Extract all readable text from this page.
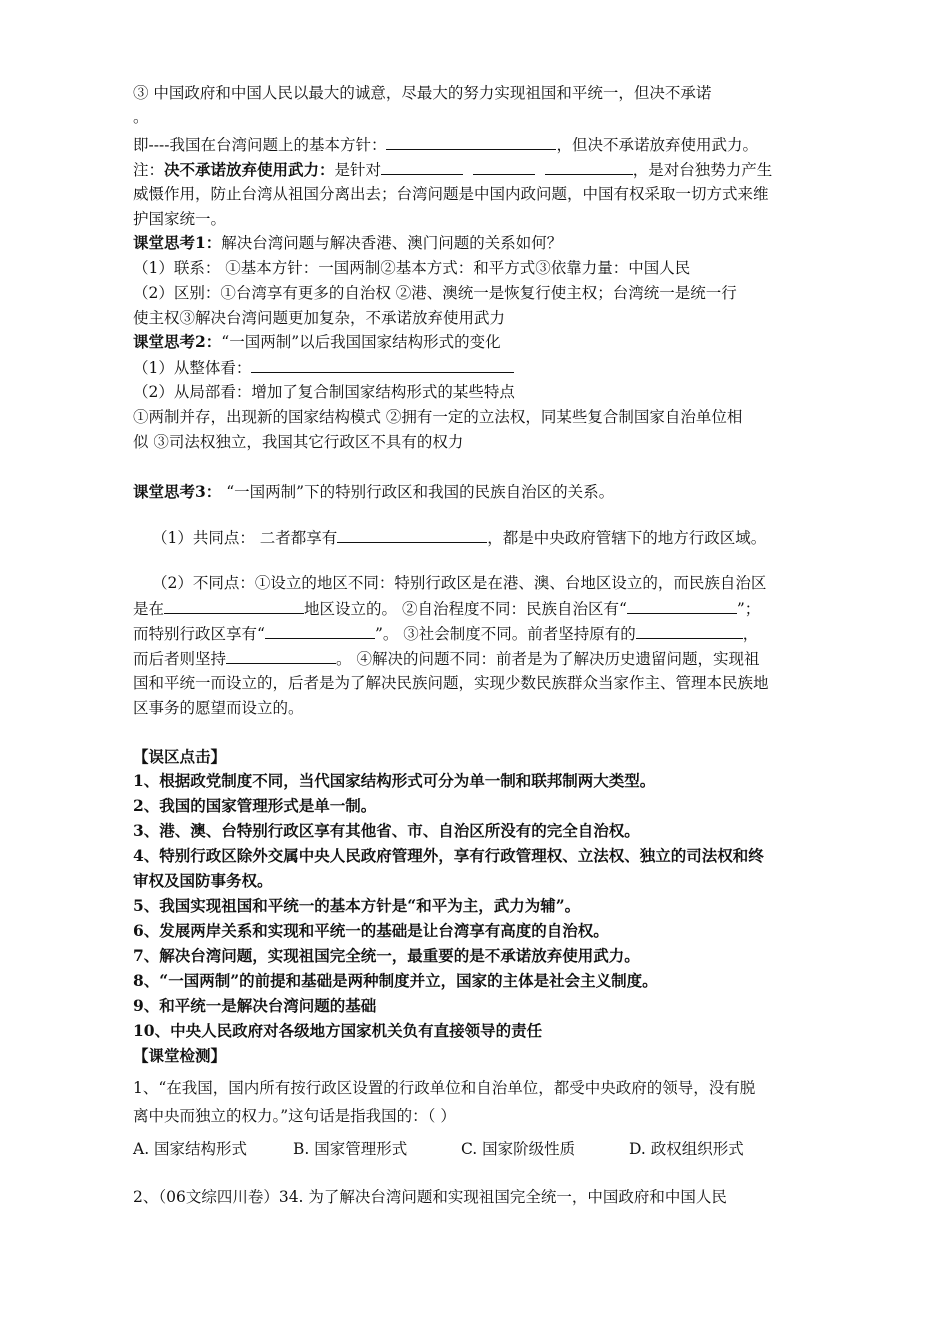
③ 中国政府和中国人民以最大的诚意，尽最大的努力实现祖国和平统一，但决不承诺
。
即----我国在台湾问题上的基本方针：	，但决不承诺放弃使用武力。
注：决不承诺放弃使用武力：是针对	，是对台独势力产生
威慑作用，防止台湾从祖国分离出去；台湾问题是中国内政问题，中国有权采取一切方式来维
护国家统一。
课堂思考1：解决台湾问题与解决香港、澳门问题的关系如何？
（1）联系： ①基本方针：一国两制②基本方式：和平方式③依靠力量：中国人民
（2）区别：①台湾享有更多的自治权 ②港、澳统一是恢复行使主权；台湾统一是统一行
使主权③解决台湾问题更加复杂，不承诺放弃使用武力
课堂思考2：“一国两制”以后我国国家结构形式的变化
（1）从整体看：
（2）从局部看：增加了复合制国家结构形式的某些特点
①两制并存，出现新的国家结构模式 ②拥有一定的立法权，同某些复合制国家自治单位相
似 ③司法权独立，我国其它行政区不具有的权力
课堂思考3： “一国两制”下的特别行政区和我国的民族自治区的关系。
（1）共同点： 二者都享有	，都是中央政府管辖下的地方行政区域。
（2）不同点：①设立的地区不同：特别行政区是在港、澳、台地区设立的，而民族自治区
是在	地区设立的。 ②自治程度不同：民族自治区有“	”；
而特别行政区享有“	”。 ③社会制度不同。前者坚持原有的	，
而后者则坚持	。 ④解决的问题不同：前者是为了解决历史遗留问题，实现祖
国和平统一而设立的，后者是为了解决民族问题，实现少数民族群众当家作主、管理本民族地
区事务的愿望而设立的。
【误区点击】
1、根据政党制度不同，当代国家结构形式可分为单一制和联邦制两大类型。
2、我国的国家管理形式是单一制。
3、港、澳、台特别行政区享有其他省、市、自治区所没有的完全自治权。
4、特别行政区除外交属中央人民政府管理外，享有行政管理权、立法权、独立的司法权和终
审权及国防事务权。
5、我国实现祖国和平统一的基本方针是“和平为主，武力为辅”。
6、发展两岸关系和实现和平统一的基础是让台湾享有高度的自治权。
7、解决台湾问题，实现祖国完全统一，最重要的是不承诺放弃使用武力。
8、“一国两制”的前提和基础是两种制度并立，国家的主体是社会主义制度。
9、和平统一是解决台湾问题的基础
10、中央人民政府对各级地方国家机关负有直接领导的责任
【课堂检测】
1、“在我国，国内所有按行政区设置的行政单位和自治单位，都受中央政府的领导，没有脱
离中央而独立的权力。”这句话是指我国的：（ ）
A. 国家结构形式	B. 国家管理形式	C. 国家阶级性质	D. 政权组织形式
2、（06文综四川卷）34. 为了解决台湾问题和实现祖国完全统一，中国政府和中国人民
